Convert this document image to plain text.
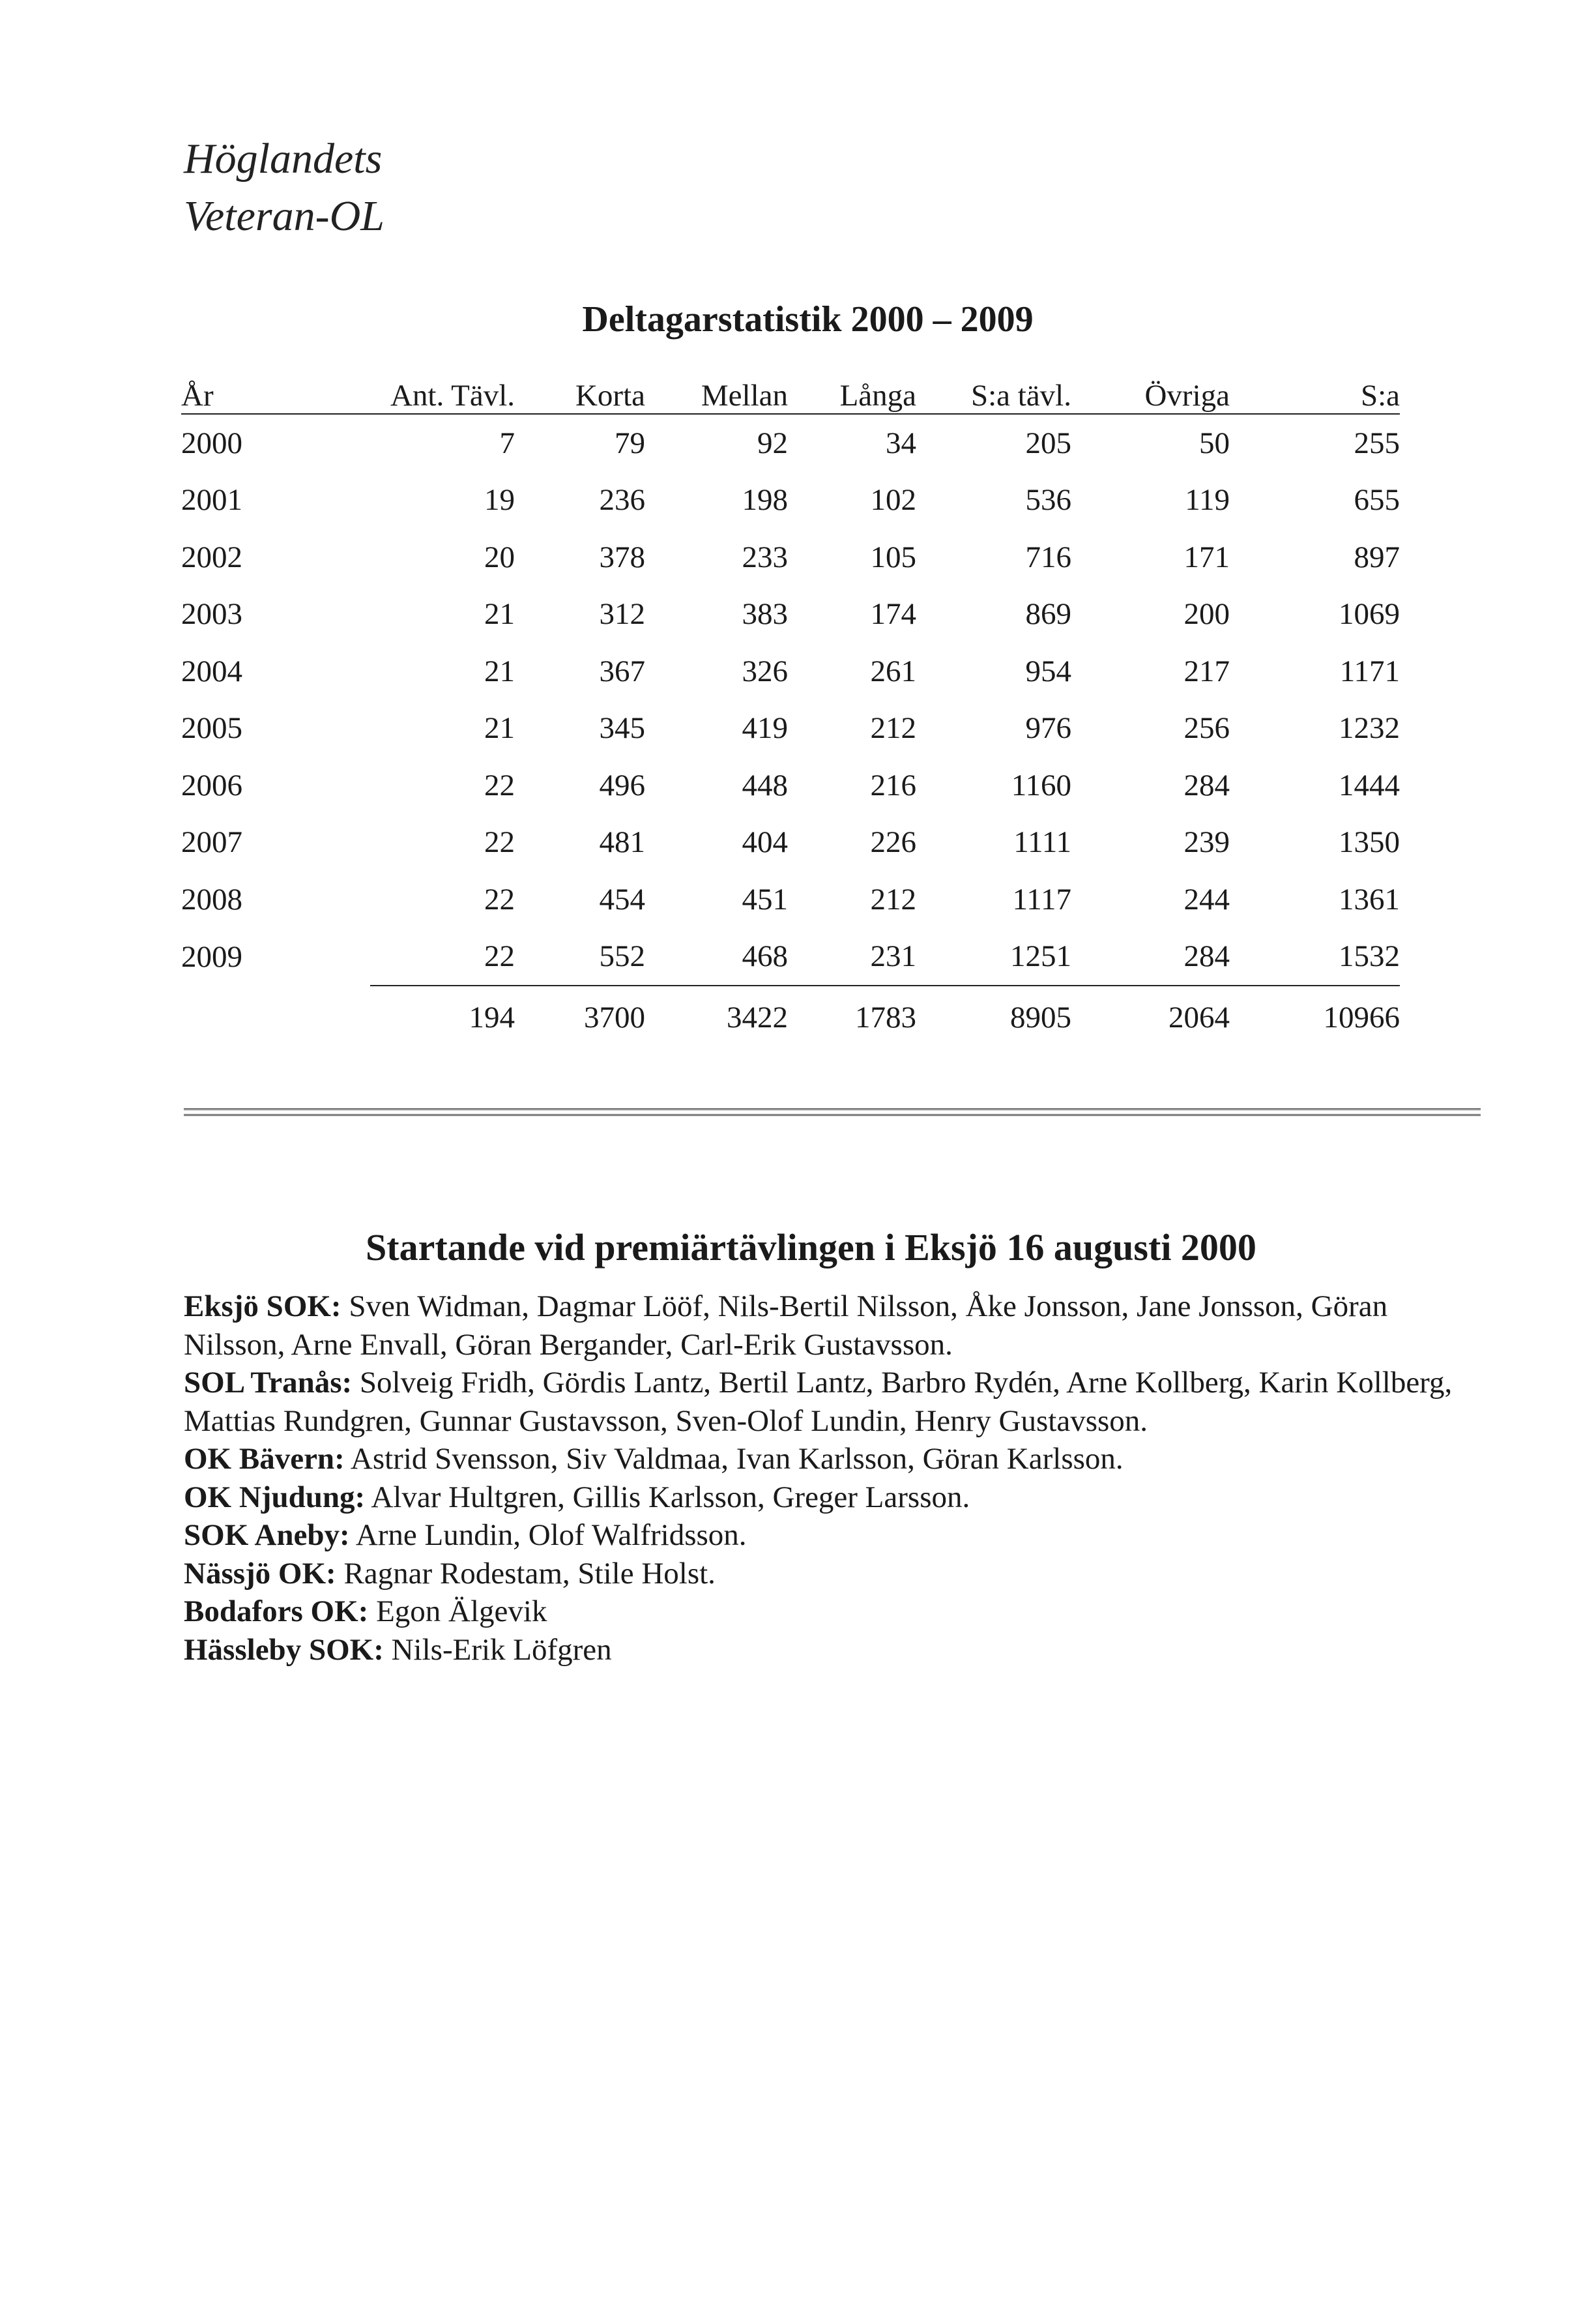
Höglandets
Veteran-OL
Deltagarstatistik 2000 – 2009
År	Ant. Tävl.	Korta	Mellan	Långa	S:a tävl.	Övriga	S:a
2000	7	79	92	34	205	50	255
2001	19	236	198	102	536	119	655
2002	20	378	233	105	716	171	897
2003	21	312	383	174	869	200	1069
2004	21	367	326	261	954	217	1171
2005	21	345	419	212	976	256	1232
2006	22	496	448	216	1160	284	1444
2007	22	481	404	226	1111	239	1350
2008	22	454	451	212	1117	244	1361
2009	22	552	468	231	1251	284	1532
	194	3700	3422	1783	8905	2064	10966
Startande vid premiärtävlingen i Eksjö 16 augusti 2000

Eksjö SOK: Sven Widman, Dagmar Lööf, Nils-Bertil Nilsson, Åke Jonsson, Jane Jonsson, Göran Nilsson, Arne Envall, Göran Bergander, Carl-Erik Gustavsson.

SOL Tranås: Solveig Fridh, Gördis Lantz, Bertil Lantz, Barbro Rydén, Arne Kollberg, Karin Kollberg, Mattias Rundgren, Gunnar Gustavsson, Sven-Olof Lundin, Henry Gustavsson.

OK Bävern: Astrid Svensson, Siv Valdmaa, Ivan Karlsson, Göran Karlsson.

OK Njudung: Alvar Hultgren, Gillis Karlsson, Greger Larsson.

SOK Aneby: Arne Lundin, Olof Walfridsson.

Nässjö OK: Ragnar Rodestam, Stile Holst.

Bodafors OK: Egon Älgevik

Hässleby SOK: Nils-Erik Löfgren
